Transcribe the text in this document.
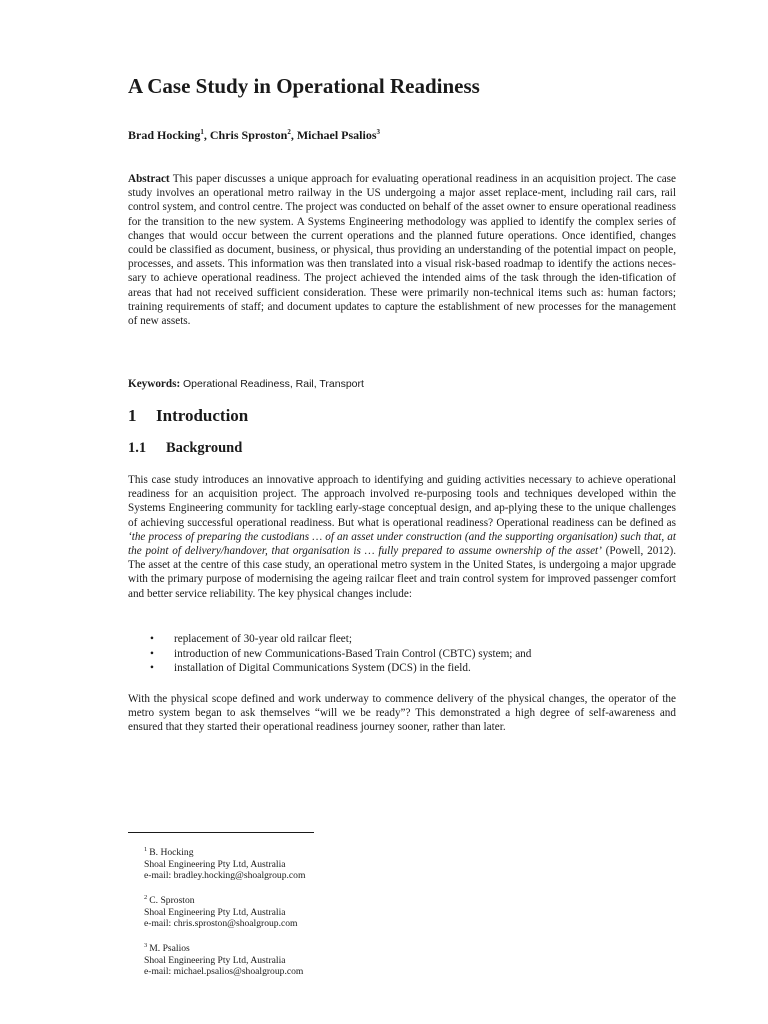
A Case Study in Operational Readiness
Brad Hocking$^1$, Chris Sproston$^2$, Michael Psalios$^3$

Abstract This paper discusses a unique approach for evaluating operational readiness in an acquisition project. The case study involves an operational metro railway in the US undergoing a major asset replace-ment, including rail cars, rail control system, and control centre. The project was conducted on behalf of the asset owner to ensure operational readiness for the transition to the new system. A Systems Engineering methodology was applied to identify the complex series of changes that would occur between the current operations and the planned future operations. Once identified, changes could be classified as document, business, or physical, thus providing an understanding of the potential impact on people, processes, and assets. This information was then translated into a visual risk-based roadmap to identify the actions neces-sary to achieve operational readiness. The project achieved the intended aims of the task through the iden-tification of areas that had not received sufficient consideration. These were primarily non-technical items such as: human factors; training requirements of staff; and document updates to capture the establishment of new processes for the management of new assets.

Keywords: Operational Readiness, Rail, Transport
1 Introduction
1.1 Background

This case study introduces an innovative approach to identifying and guiding activities necessary to achieve operational readiness for an acquisition project. The approach involved re-purposing tools and techniques developed within the Systems Engineering community for tackling early-stage conceptual design, and ap-plying these to the unique challenges of achieving successful operational readiness. But what is operational readiness? Operational readiness can be defined as ‘the process of preparing the custodians … of an asset under construction (and the supporting organisation) such that, at the point of delivery/handover, that organisation is … fully prepared to assume ownership of the asset’ (Powell, 2012). The asset at the centre of this case study, an operational metro system in the United States, is undergoing a major upgrade with the primary purpose of modernising the ageing railcar fleet and train control system for improved passenger comfort and better service reliability. The key physical changes include:

• replacement of 30-year old railcar fleet;
• introduction of new Communications-Based Train Control (CBTC) system; and
• installation of Digital Communications System (DCS) in the field.

With the physical scope defined and work underway to commence delivery of the physical changes, the operator of the metro system began to ask themselves “will we be ready”? This demonstrated a high degree of self-awareness and ensured that they started their operational readiness journey sooner, rather than later.

$^1$ B. Hocking
Shoal Engineering Pty Ltd, Australia
e-mail: bradley.hocking@shoalgroup.com
$^2$ C. Sproston
Shoal Engineering Pty Ltd, Australia
e-mail: chris.sproston@shoalgroup.com
$^3$ M. Psalios
Shoal Engineering Pty Ltd, Australia
e-mail: michael.psalios@shoalgroup.com
